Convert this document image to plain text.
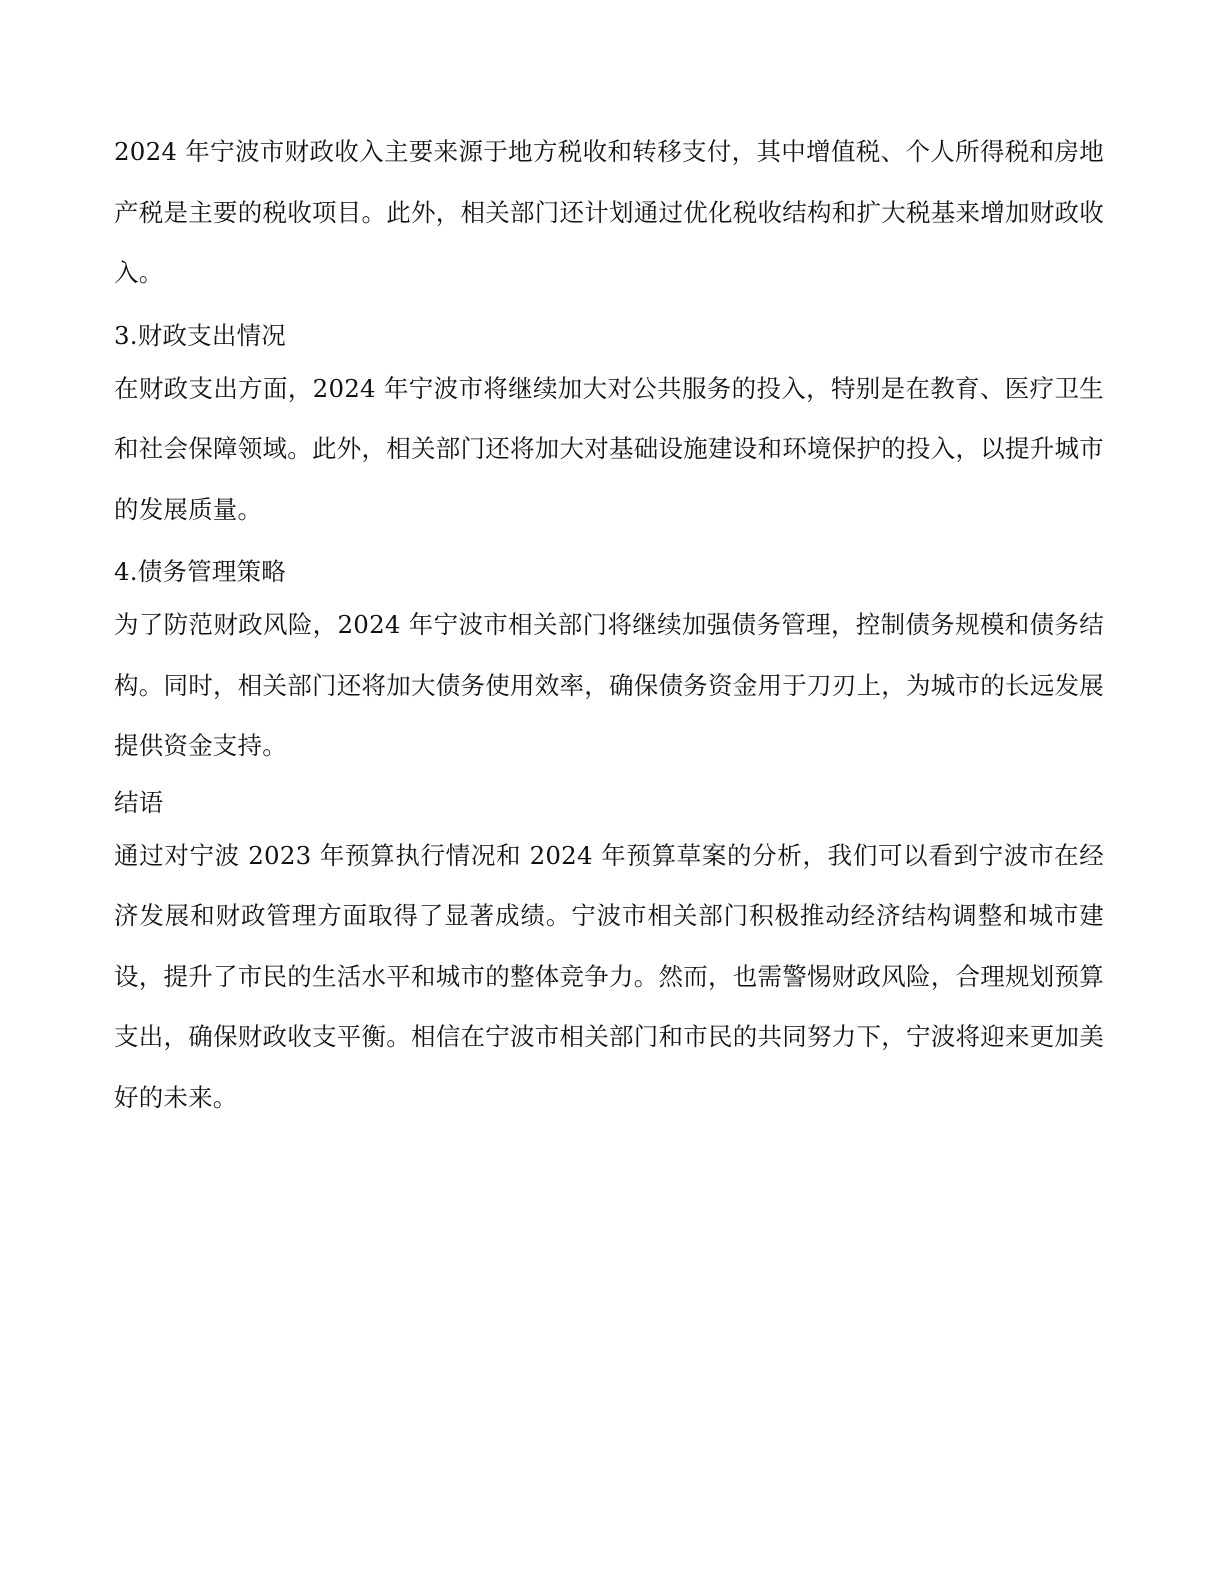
2024 年宁波市财政收入主要来源于地方税收和转移支付，其中增值税、个人所得税和房地产税是主要的税收项目。此外，相关部门还计划通过优化税收结构和扩大税基来增加财政收入。

3.财政支出情况

在财政支出方面，2024 年宁波市将继续加大对公共服务的投入，特别是在教育、医疗卫生和社会保障领域。此外，相关部门还将加大对基础设施建设和环境保护的投入，以提升城市的发展质量。

4.债务管理策略

为了防范财政风险，2024 年宁波市相关部门将继续加强债务管理，控制债务规模和债务结构。同时，相关部门还将加大债务使用效率，确保债务资金用于刀刃上，为城市的长远发展提供资金支持。

结语

通过对宁波 2023 年预算执行情况和 2024 年预算草案的分析，我们可以看到宁波市在经济发展和财政管理方面取得了显著成绩。宁波市相关部门积极推动经济结构调整和城市建设，提升了市民的生活水平和城市的整体竞争力。然而，也需警惕财政风险，合理规划预算支出，确保财政收支平衡。相信在宁波市相关部门和市民的共同努力下，宁波将迎来更加美好的未来。
